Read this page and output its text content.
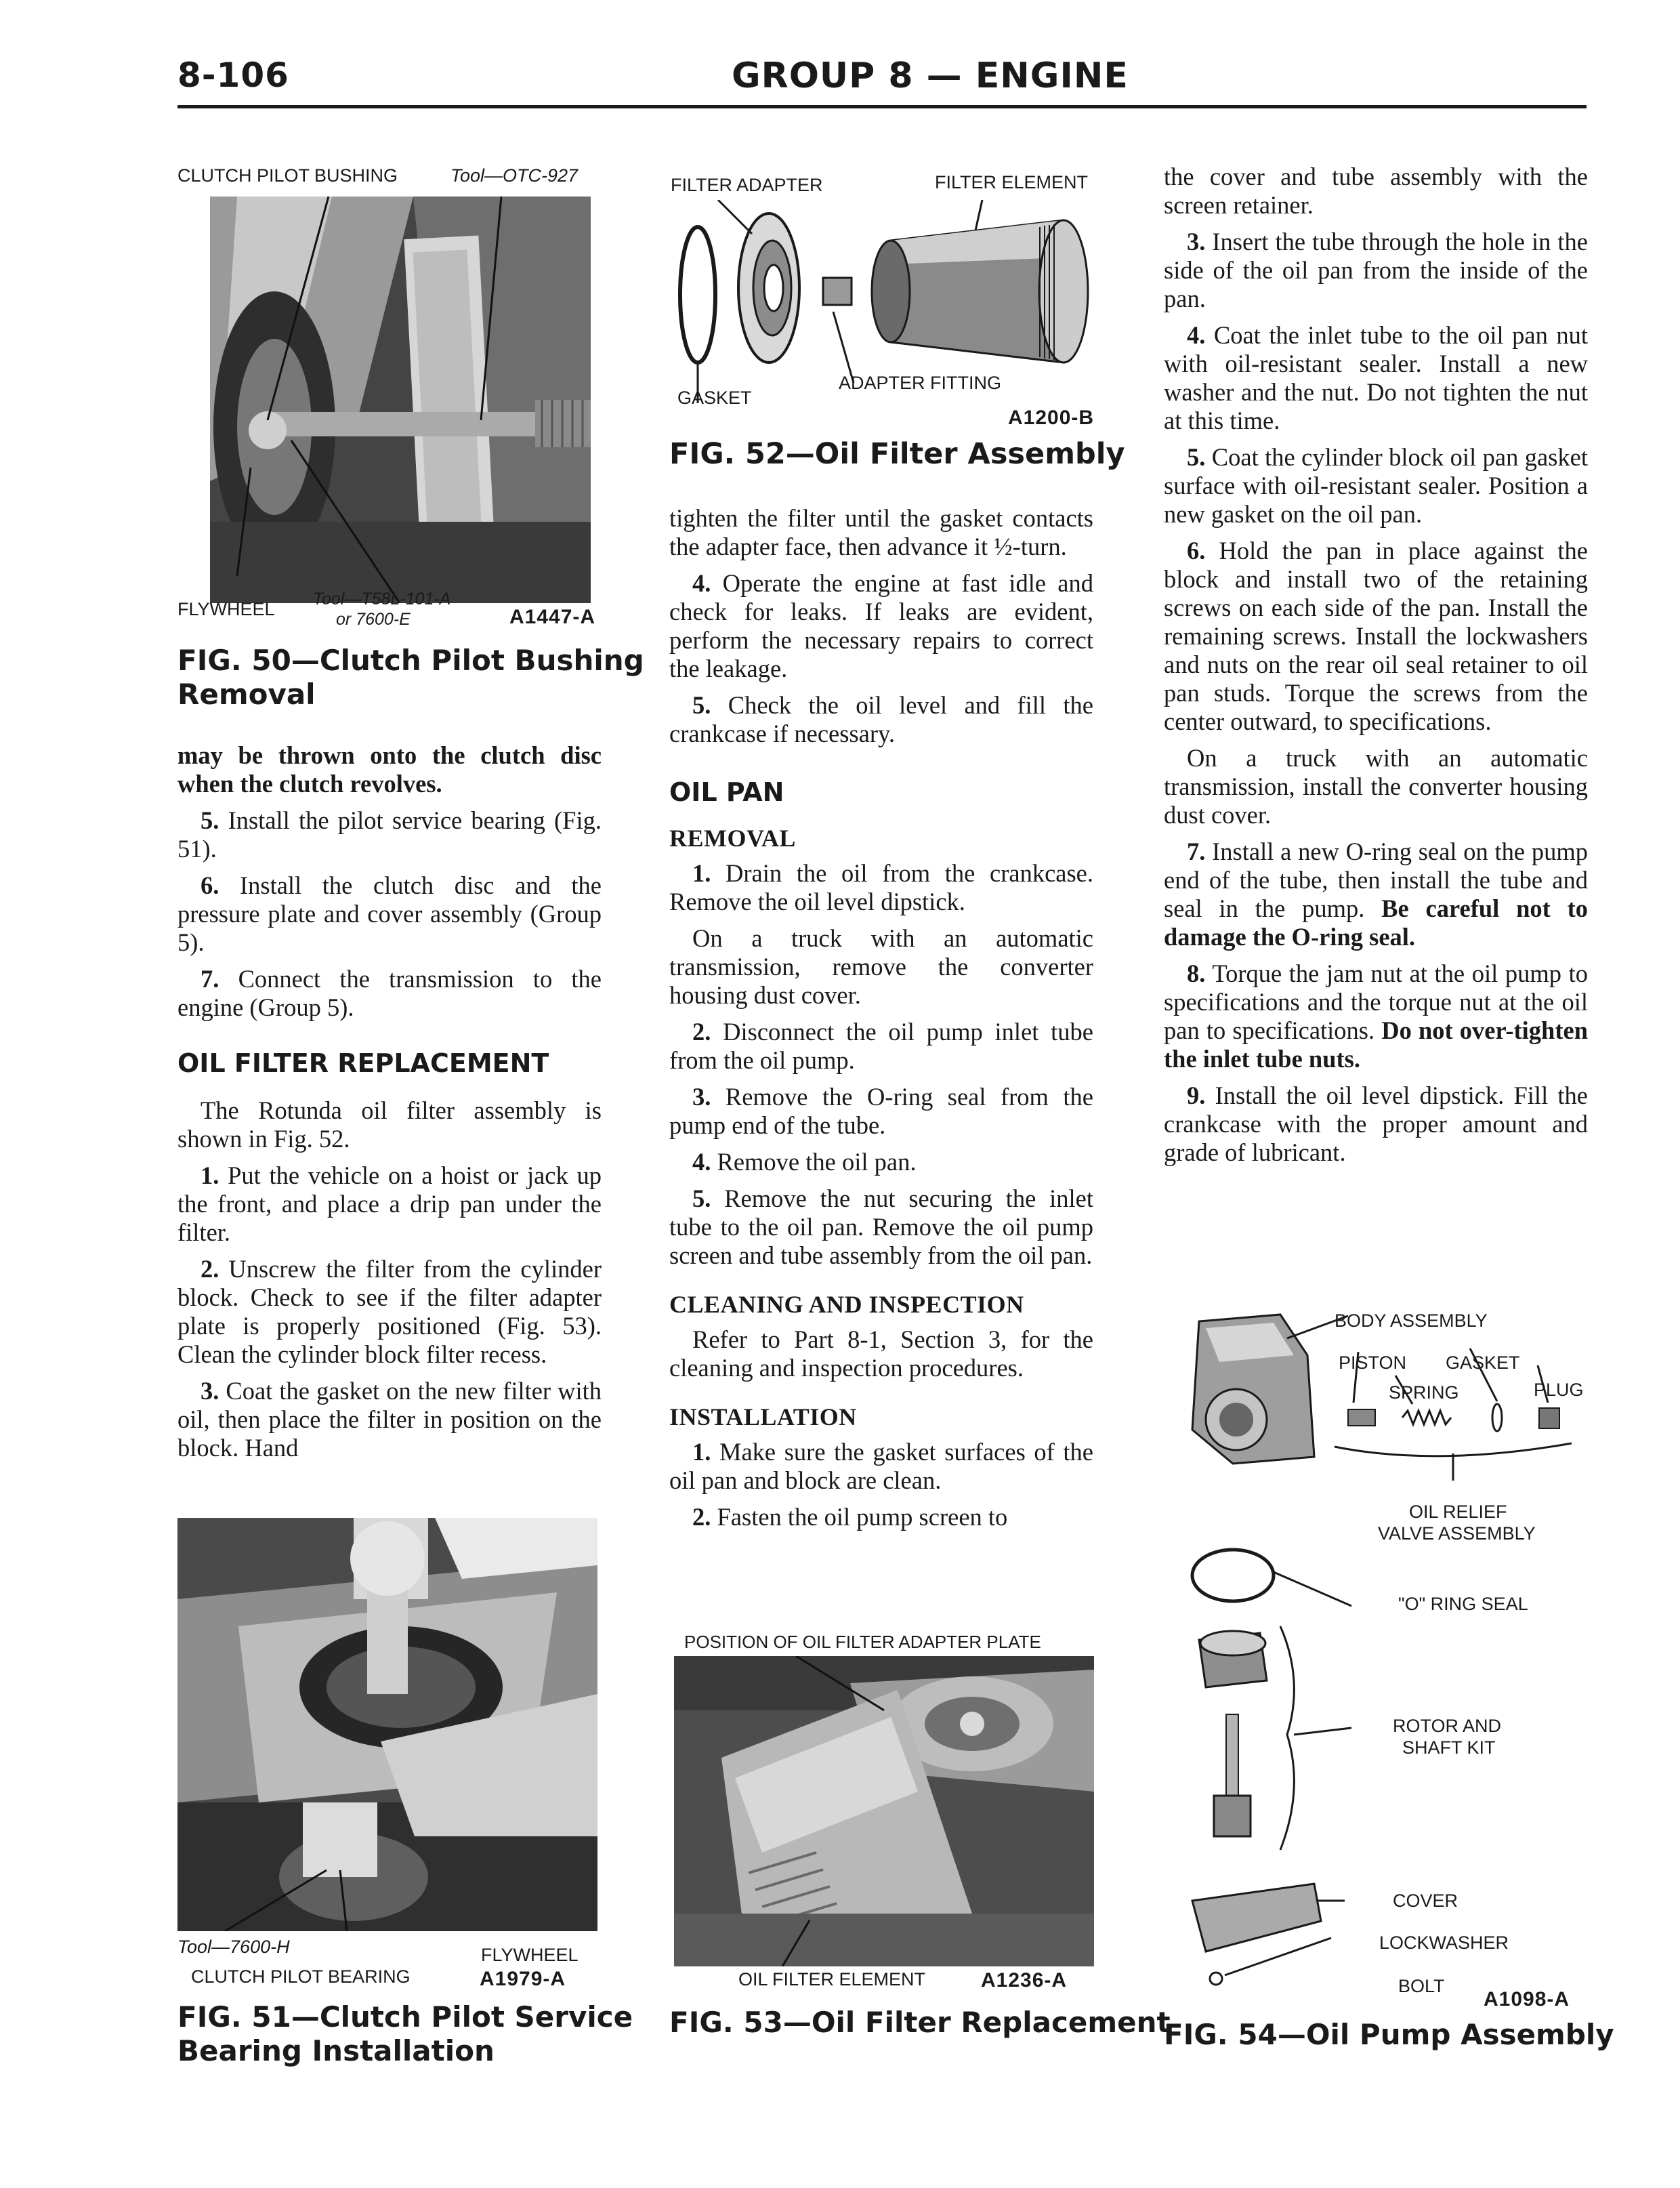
8-106	GROUP 8 — ENGINE
CLUTCH PILOT BUSHING	Tool—OTC-927
FLYWHEEL Tool—T58L-101-A
or 7600-E	A1447-A
FIG. 50—Clutch Pilot Bushing
Removal

may be thrown onto the clutch disc when the clutch revolves.

5. Install the pilot service bearing (Fig. 51).

6. Install the clutch disc and the pressure plate and cover assembly (Group 5).

7. Connect the transmission to the engine (Group 5).

OIL FILTER REPLACEMENT

The Rotunda oil filter assembly is shown in Fig. 52.

1. Put the vehicle on a hoist or jack up the front, and place a drip pan under the filter.

2. Unscrew the filter from the cylinder block. Check to see if the filter adapter plate is properly positioned (Fig. 53). Clean the cylinder block filter recess.

3. Coat the gasket on the new filter with oil, then place the filter in position on the block. Hand

Tool—7600-H	FLYWHEEL
CLUTCH PILOT BEARING	A1979-A
FIG. 51—Clutch Pilot Service
Bearing Installation
FILTER ADAPTER	FILTER ELEMENT
ADAPTER FITTING
GASKET
A1200-B
FIG. 52—Oil Filter Assembly

tighten the filter until the gasket contacts the adapter face, then advance it ½-turn.

4. Operate the engine at fast idle and check for leaks. If leaks are evident, perform the necessary repairs to correct the leakage.

5. Check the oil level and fill the crankcase if necessary.

OIL PAN
REMOVAL

1. Drain the oil from the crankcase. Remove the oil level dipstick.

On a truck with an automatic transmission, remove the converter housing dust cover.

2. Disconnect the oil pump inlet tube from the oil pump.

3. Remove the O-ring seal from the pump end of the tube.

4. Remove the oil pan.

5. Remove the nut securing the inlet tube to the oil pan. Remove the oil pump screen and tube assembly from the oil pan.

CLEANING AND INSPECTION

Refer to Part 8-1, Section 3, for the cleaning and inspection procedures.

INSTALLATION

1. Make sure the gasket surfaces of the oil pan and block are clean.

2. Fasten the oil pump screen to

POSITION OF OIL FILTER ADAPTER PLATE
OIL FILTER ELEMENT	A1236-A
FIG. 53—Oil Filter Replacement

the cover and tube assembly with the screen retainer.

3. Insert the tube through the hole in the side of the oil pan from the inside of the pan.

4. Coat the inlet tube to the oil pan nut with oil-resistant sealer. Install a new washer and the nut. Do not tighten the nut at this time.

5. Coat the cylinder block oil pan gasket surface with oil-resistant sealer. Position a new gasket on the oil pan.

6. Hold the pan in place against the block and install two of the retaining screws on each side of the pan. Install the remaining screws. Install the lockwashers and nuts on the rear oil seal retainer to oil pan studs. Torque the screws from the center outward, to specifications.

On a truck with an automatic transmission, install the converter housing dust cover.

7. Install a new O-ring seal on the pump end of the tube, then install the tube and seal in the pump. Be careful not to damage the O-ring seal.

8. Torque the jam nut at the oil pump to specifications and the torque nut at the oil pan to specifications. Do not over-tighten the inlet tube nuts.

9. Install the oil level dipstick. Fill the crankcase with the proper amount and grade of lubricant.

BODY ASSEMBLY
PISTON GASKET
SPRING	PLUG
OIL RELIEF
VALVE ASSEMBLY
"O" RING SEAL
ROTOR AND
SHAFT KIT
COVER
LOCKWASHER
BOLT
A1098-A
FIG. 54—Oil Pump Assembly
